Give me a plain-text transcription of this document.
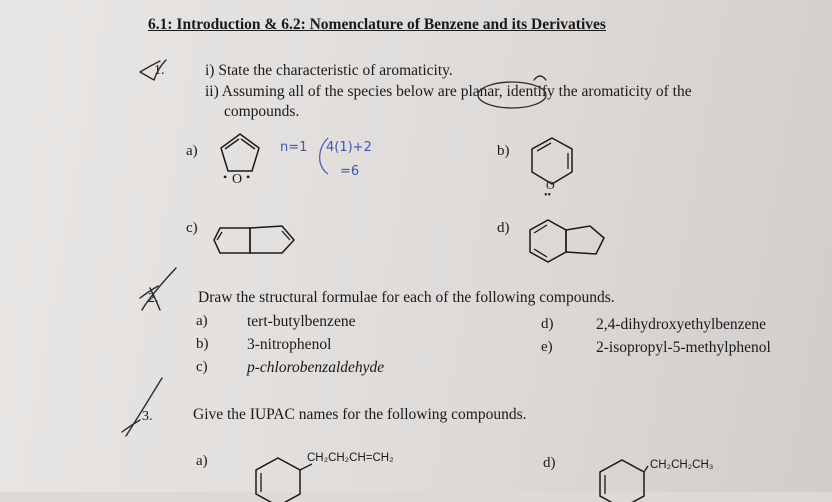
6.1: Introduction & 6.2: Nomenclature of Benzene and its Derivatives
i) State the characteristic of aromaticity.
ii) Assuming all of the species below are planar, identify the aromaticity of the
compounds.
a)	b)
c)	d)
O
• •
n=1 4(1)+2
=6
O
••
Draw the structural formulae for each of the following compounds.
a)	tert-butylbenzene
b) 3-nitrophenol
c)	p-chlorobenzaldehyde
d)	2,4-dihydroxyethylbenzene
e)	2-isopropyl-5-methylphenol
Give the IUPAC names for the following compounds.
a)	d)
CH₂CH₂CH=CH₂
CH₂CH₂CH₃
1.
2.
3.
